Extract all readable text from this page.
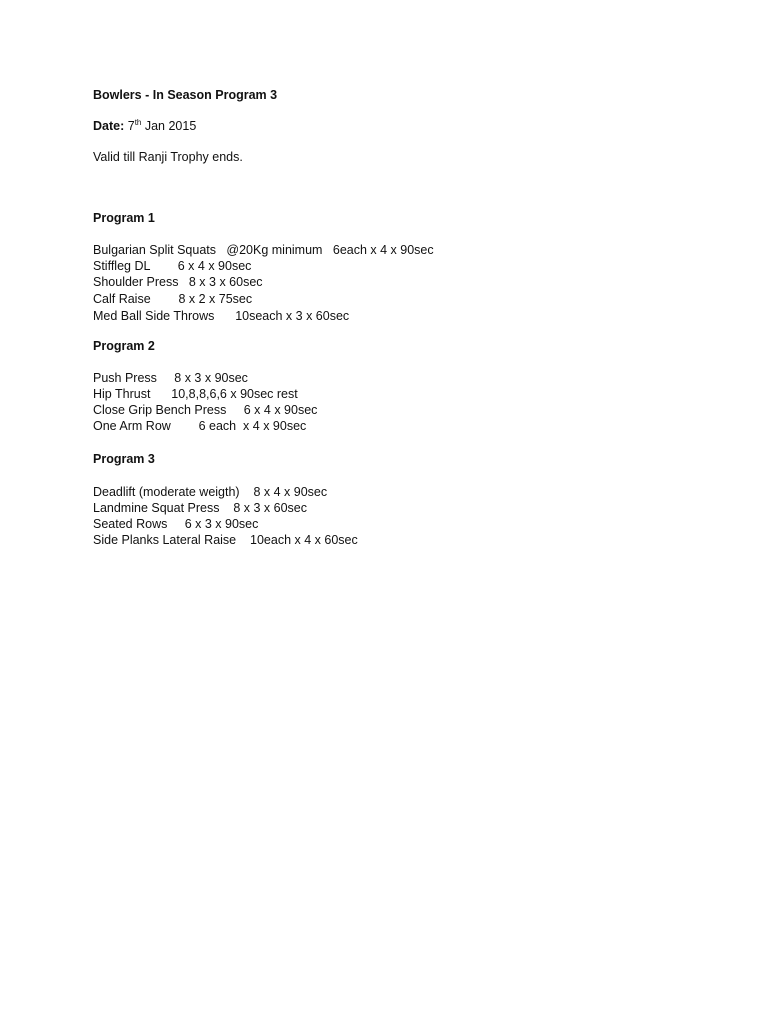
Bowlers - In Season Program 3
Date: 7th Jan 2015
Valid till Ranji Trophy ends.
Program 1
Bulgarian Split Squats   @20Kg minimum   6each x 4 x 90sec
Stiffleg DL        6 x 4 x 90sec
Shoulder Press   8 x 3 x 60sec
Calf Raise        8 x 2 x 75sec
Med Ball Side Throws      10seach x 3 x 60sec
Program 2
Push Press     8 x 3 x 90sec
Hip Thrust      10,8,8,6,6 x 90sec rest
Close Grip Bench Press     6 x 4 x 90sec
One Arm Row        6 each  x 4 x 90sec
Program 3
Deadlift (moderate weigth)    8 x 4 x 90sec
Landmine Squat Press    8 x 3 x 60sec
Seated Rows     6 x 3 x 90sec
Side Planks Lateral Raise    10each x 4 x 60sec
